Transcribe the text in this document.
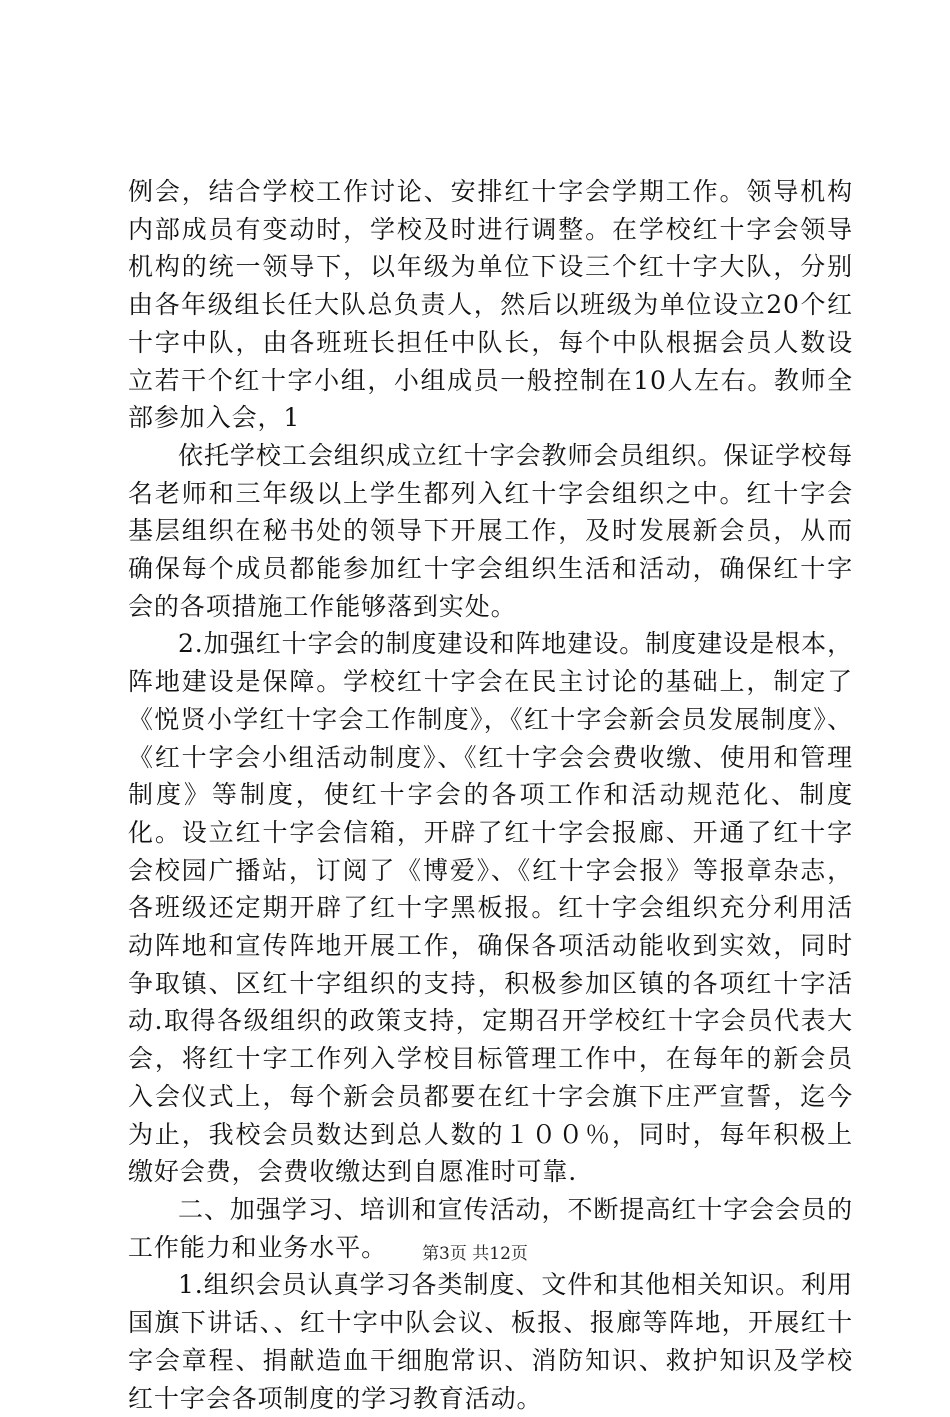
例会，结合学校工作讨论、安排红十字会学期工作。领导机构内部成员有变动时，学校及时进行调整。在学校红十字会领导机构的统一领导下，以年级为单位下设三个红十字大队，分别由各年级组长任大队总负责人，然后以班级为单位设立20个红十字中队，由各班班长担任中队长，每个中队根据会员人数设立若干个红十字小组，小组成员一般控制在10人左右。教师全部参加入会，1

依托学校工会组织成立红十字会教师会员组织。保证学校每名老师和三年级以上学生都列入红十字会组织之中。红十字会基层组织在秘书处的领导下开展工作，及时发展新会员，从而确保每个成员都能参加红十字会组织生活和活动，确保红十字会的各项措施工作能够落到实处。

2.加强红十字会的制度建设和阵地建设。制度建设是根本，阵地建设是保障。学校红十字会在民主讨论的基础上，制定了《悦贤小学红十字会工作制度》，《红十字会新会员发展制度》、《红十字会小组活动制度》、《红十字会会费收缴、使用和管理制度》等制度，使红十字会的各项工作和活动规范化、制度化。设立红十字会信箱，开辟了红十字会报廊、开通了红十字会校园广播站，订阅了《博爱》、《红十字会报》等报章杂志，各班级还定期开辟了红十字黑板报。红十字会组织充分利用活动阵地和宣传阵地开展工作，确保各项活动能收到实效，同时争取镇、区红十字组织的支持，积极参加区镇的各项红十字活动.取得各级组织的政策支持，定期召开学校红十字会员代表大会，将红十字工作列入学校目标管理工作中，在每年的新会员入会仪式上，每个新会员都要在红十字会旗下庄严宣誓，迄今为止，我校会员数达到总人数的１００％，同时，每年积极上缴好会费，会费收缴达到自愿准时可靠.

二、加强学习、培训和宣传活动，不断提高红十字会会员的工作能力和业务水平。

1.组织会员认真学习各类制度、文件和其他相关知识。利用国旗下讲话、、红十字中队会议、板报、报廊等阵地，开展红十字会章程、捐献造血干细胞常识、消防知识、救护知识及学校红十字会各项制度的学习教育活动。

第3页 共12页
